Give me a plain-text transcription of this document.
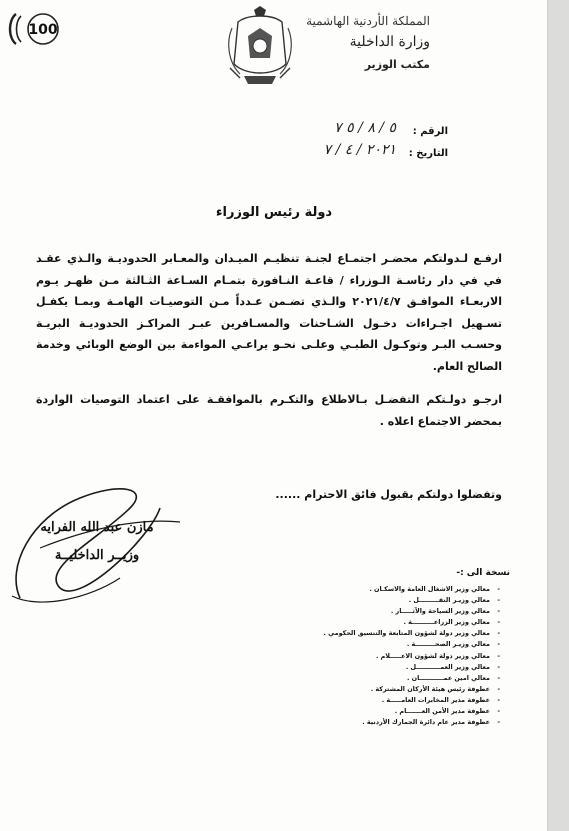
100
المملكة الأردنية الهاشمية
وزارة الداخلية
مكتب الوزير
الرقم :
٥ / ٨ / ٥ ٧
التاريخ :
٢٠٢١ / ٤ / ٧
دولة رئيس الوزراء

ارفـع لـدولتكم محضـر اجتمـاع لجنـة تنظيـم الميـدان والمعـابر الحدوديـة والـذي عقـد في في دار رئاسـة الـوزراء / قاعـة النـافورة بتمـام السـاعة الثـالثة مـن ظهـر يـوم الاربعـاء الموافـق ٢٠٢١/٤/٧ والـذي تضـمن عـدداً مـن التوصيـات الهامـة وبمـا يكفـل تسـهيل اجـراءات دخـول الشـاحنات والمسـافرين عبـر المراكـز الحدوديـة البريـة وحسـب البـر وتوكـول الطبـي وعلـى نحـو يراعـي المواءمة بين الوضع الوبائي وخدمة الصالح العام.

ارجـو دولـتكم التفضـل بـالاطلاع والتكـرم بالموافقـة على اعتماد التوصيات الواردة بمحضر الاجتماع اعلاه .

وتفضلوا دولتكم بقبول فائق الاحترام ......
مازن عبد الله الفرايه
وزيــر الداخليــة
نسخة الى :-
-معالي وزير الاشغال العامة والاسكـان .
-معالي وزيـر النقـــــــــل .
-معالي وزير السياحة والآثـــــار .
-معالي وزير الزراعــــــــــة .
-معالي وزير دولة لشؤون المتابعة والتنسيق الحكومي .
-معالي وزيـر الصحـــــــــة .
-معالي وزير دولة لشؤون الاعـــــلام .
-معالي وزير العمـــــــــــل .
-معالي امين عمـــــــــــان .
-عطوفة رئيس هيئة الأركان المشتركة .
-عطوفة مدير المخابرات العامـــــة .
-عطوفة مدير الأمن العـــــــام .
-عطوفة مدير عام دائرة الجمارك الأردنية .
